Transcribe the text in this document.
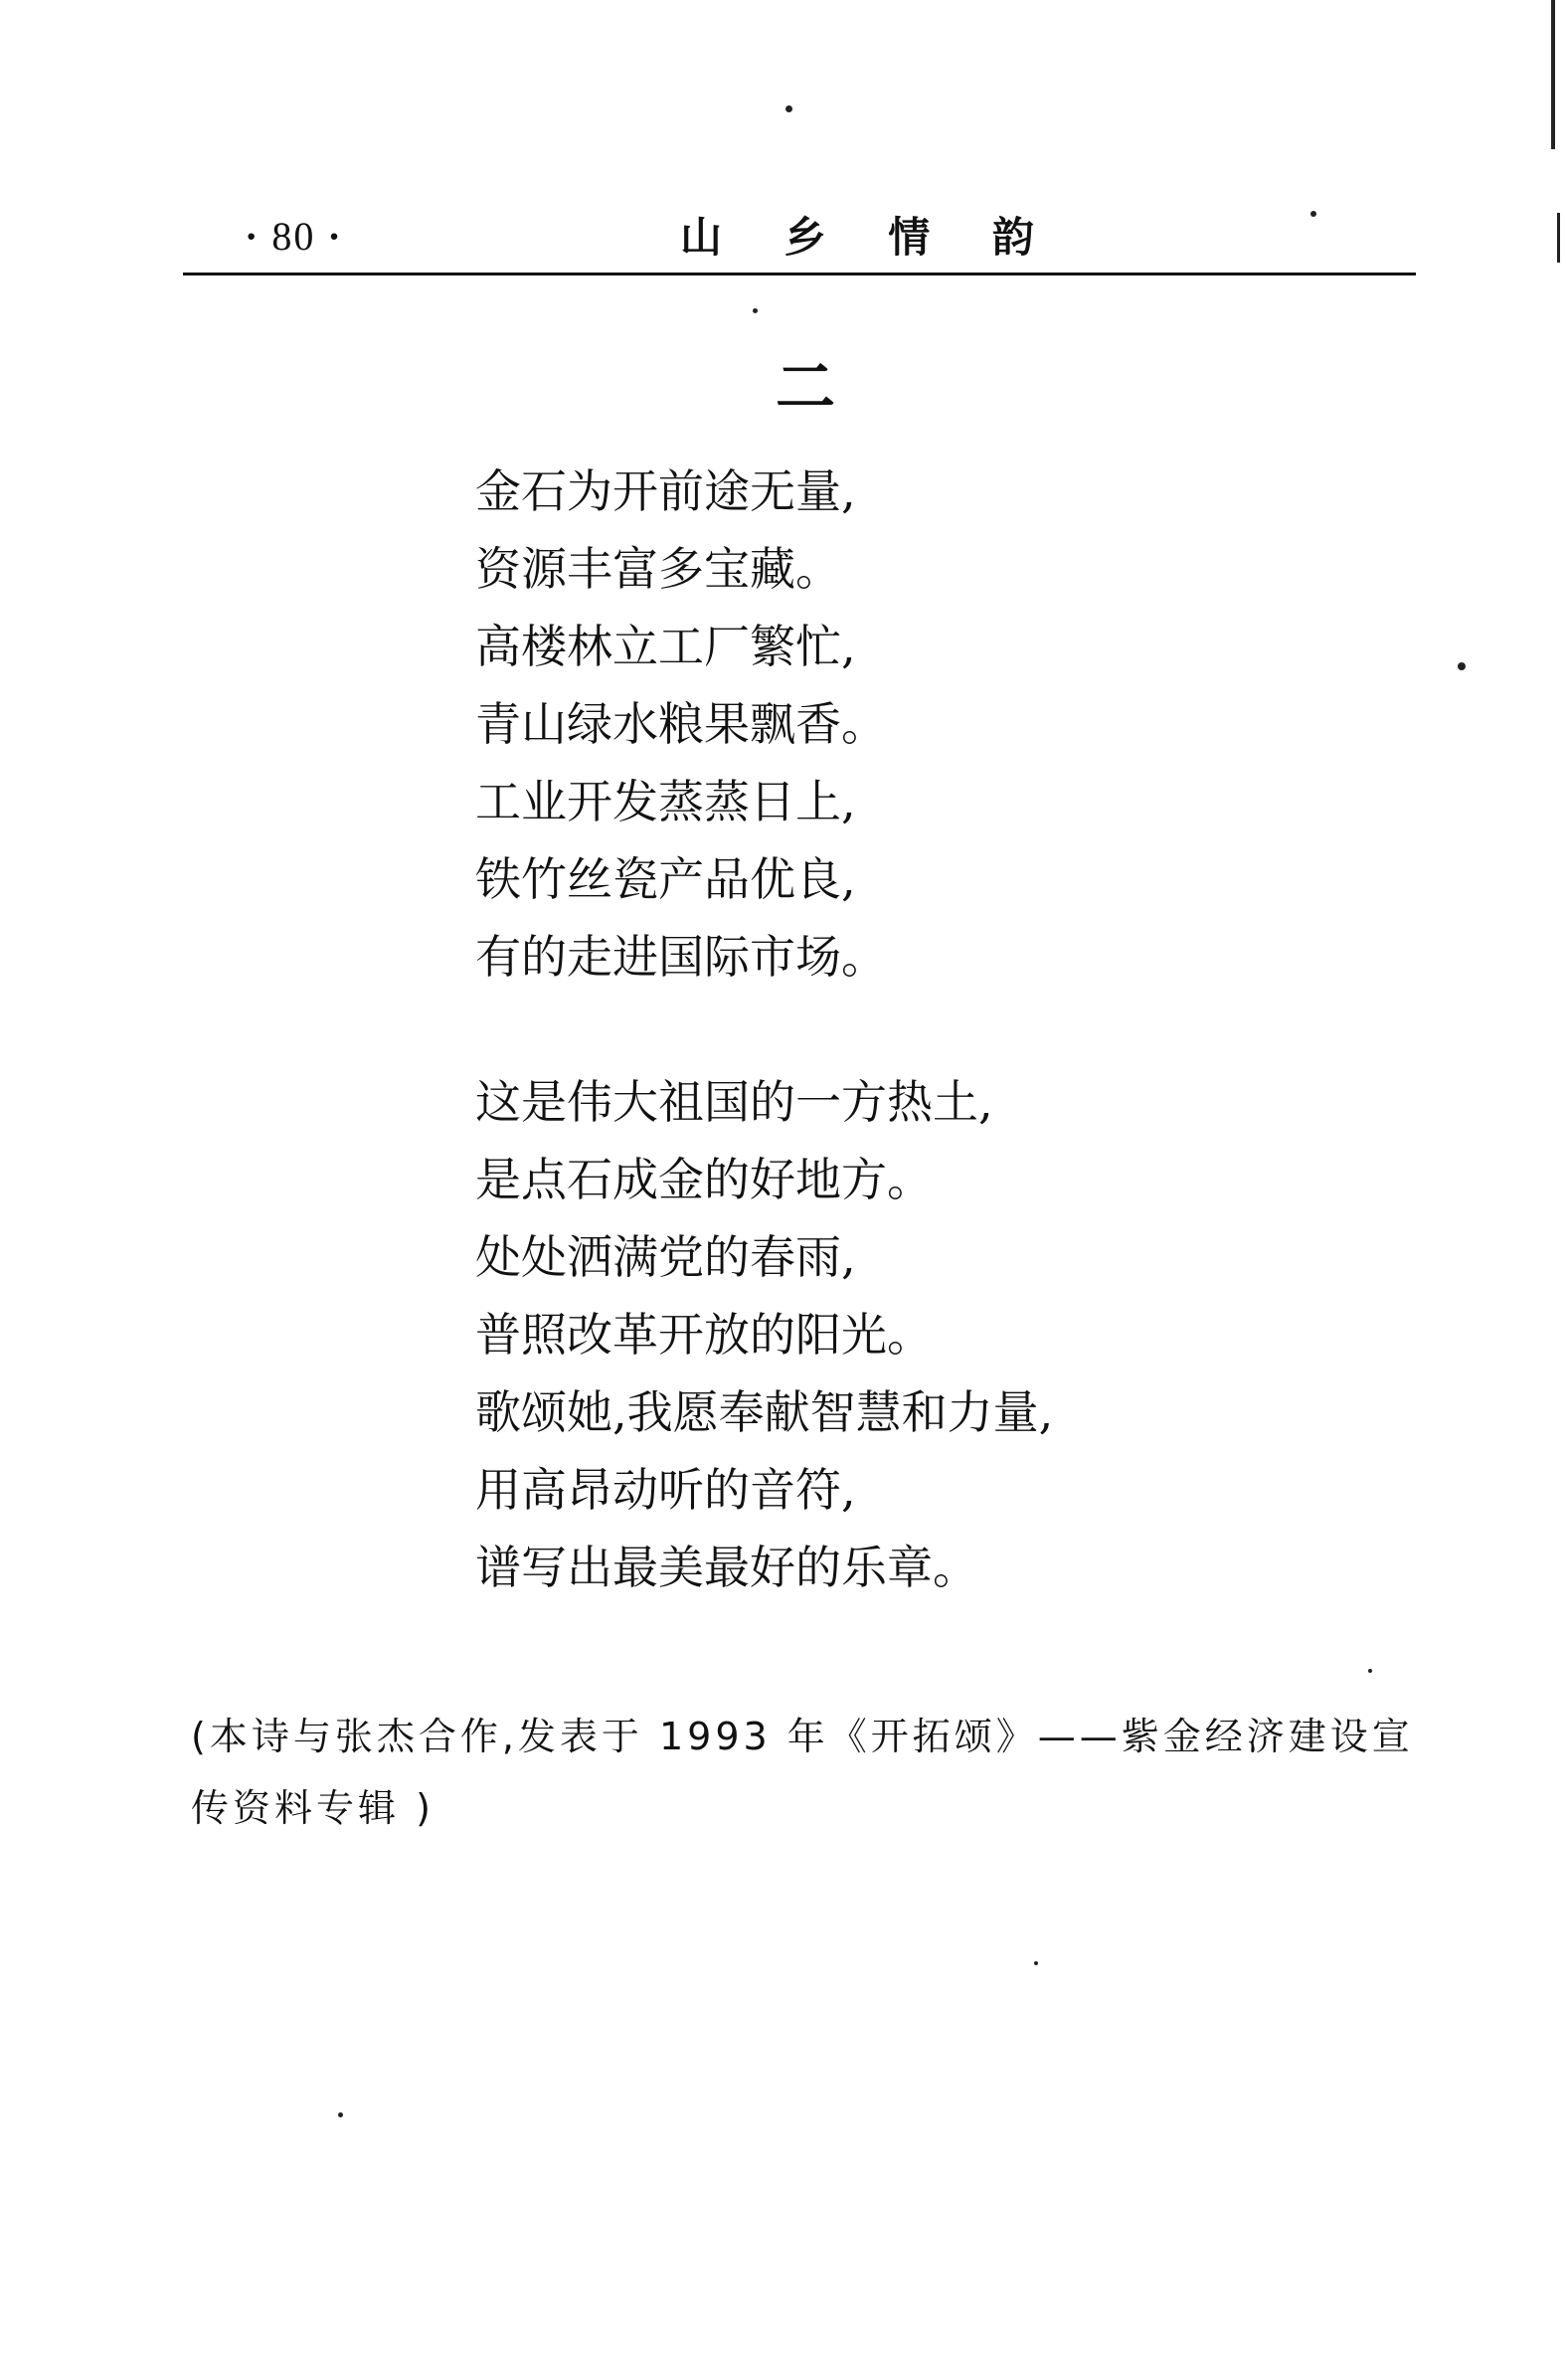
· 80 ·	山 乡 情 韵
二
金石为开前途无量,
资源丰富多宝藏。
高楼林立工厂繁忙,
青山绿水粮果飘香。
工业开发蒸蒸日上,
铁竹丝瓷产品优良,
有的走进国际市场。
这是伟大祖国的一方热土,
是点石成金的好地方。
处处洒满党的春雨,
普照改革开放的阳光。
歌颂她,我愿奉献智慧和力量,
用高昂动听的音符,
谱写出最美最好的乐章。

(本诗与张杰合作,发表于 1993 年《开拓颂》——紫金经济建设宣传资料专辑 )
